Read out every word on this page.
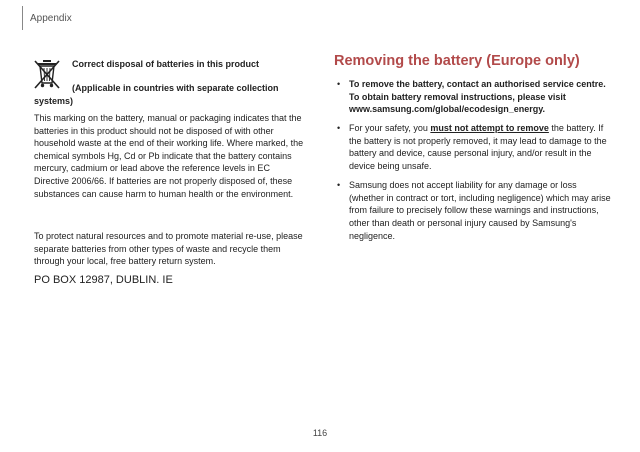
Appendix
Correct disposal of batteries in this product
(Applicable in countries with separate collection
systems)

This marking on the battery, manual or packaging indicates that the batteries in this product should not be disposed of with other household waste at the end of their working life. Where marked, the chemical symbols Hg, Cd or Pb indicate that the battery contains mercury, cadmium or lead above the reference levels in EC Directive 2006/66. If batteries are not properly disposed of, these substances can cause harm to human health or the environment.

To protect natural resources and to promote material re-use, please separate batteries from other types of waste and recycle them through your local, free battery return system.

PO BOX 12987, DUBLIN. IE
Removing the battery (Europe only)
• To remove the battery, contact an authorised service centre. To obtain battery removal instructions, please visit www.samsung.com/global/ecodesign_energy.
• For your safety, you must not attempt to remove the battery. If the battery is not properly removed, it may lead to damage to the battery and device, cause personal injury, and/or result in the device being unsafe.
• Samsung does not accept liability for any damage or loss (whether in contract or tort, including negligence) which may arise from failure to precisely follow these warnings and instructions, other than death or personal injury caused by Samsung's negligence.
116
